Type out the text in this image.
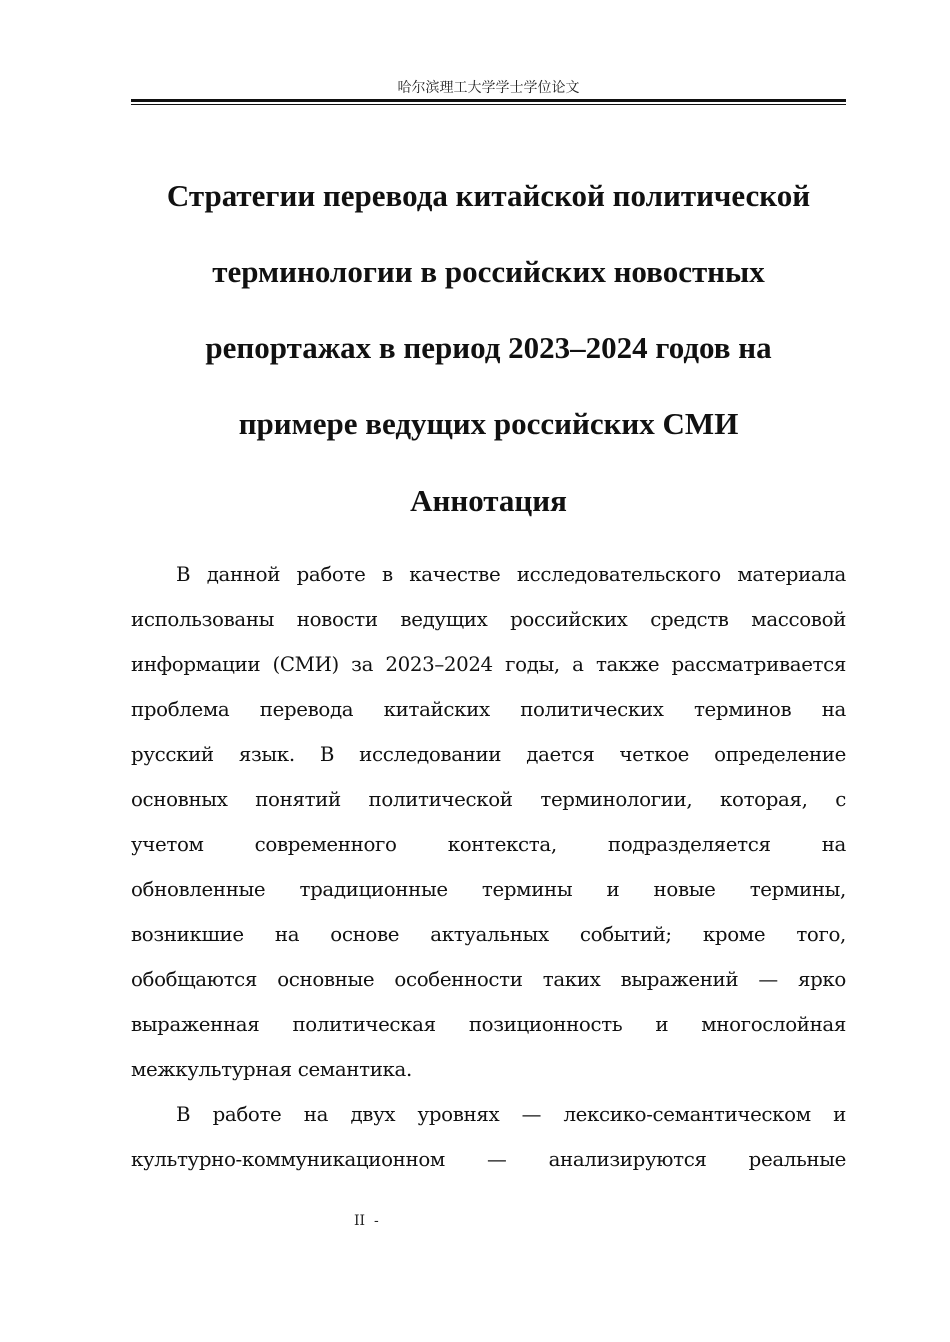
哈尔滨理工大学学士学位论文
Стратегии перевода китайской политической
терминологии в российских новостных
репортажах в период 2023–2024 годов на
примере ведущих российских СМИ
Аннотация
В данной работе в качестве исследовательского материала
использованы новости ведущих российских средств массовой
информации (СМИ) за 2023–2024 годы, а также рассматривается
проблема перевода китайских политических терминов на
русский язык. В исследовании дается четкое определение
основных понятий политической терминологии, которая, с
учетом современного контекста, подразделяется на
обновленные традиционные термины и новые термины,
возникшие на основе актуальных событий; кроме того,
обобщаются основные особенности таких выражений — ярко
выраженная политическая позиционность и многослойная
межкультурная семантика.
В работе на двух уровнях — лексико-семантическом и
культурно-коммуникационном — анализируются реальные
II  -
